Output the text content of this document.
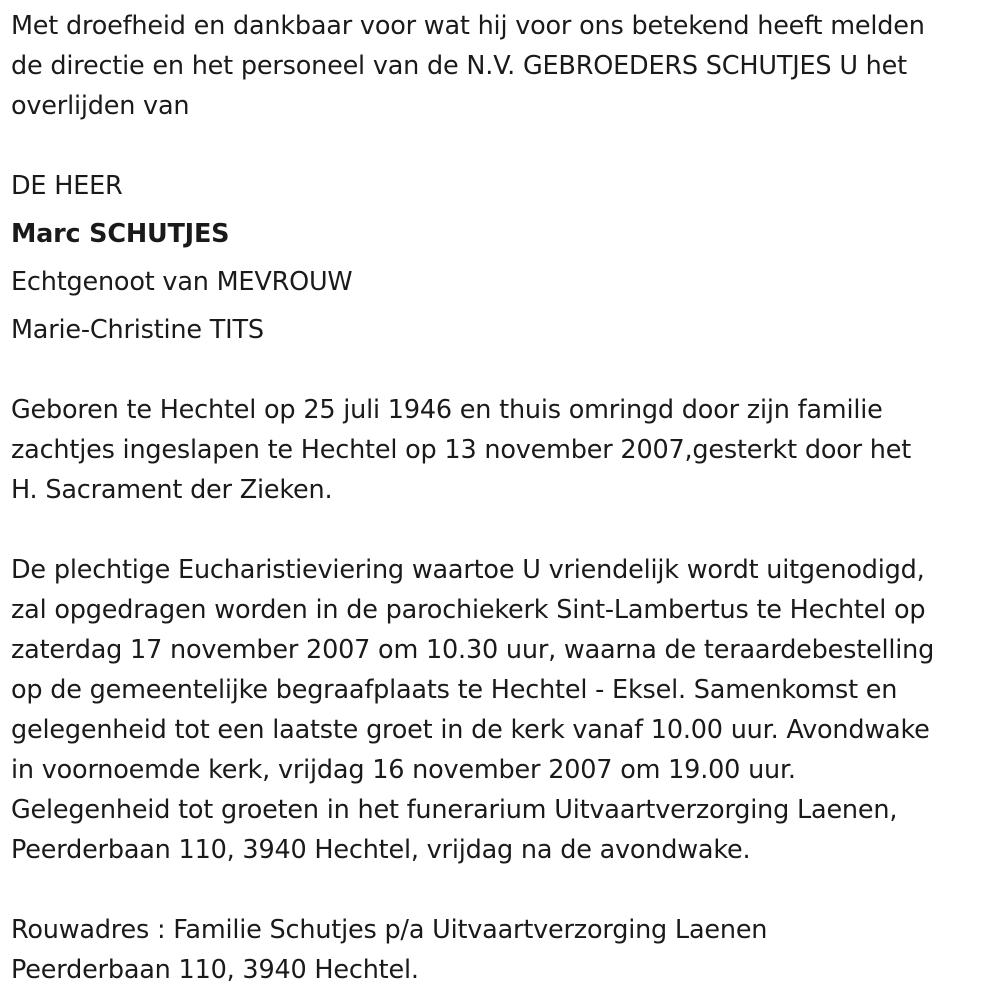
Met droefheid en dankbaar voor wat hij voor ons betekend heeft melden
de directie en het personeel van de N.V. GEBROEDERS SCHUTJES U het
overlijden van
DE HEER
Marc SCHUTJES
Echtgenoot van MEVROUW
Marie-Christine TITS
Geboren te Hechtel op 25 juli 1946 en thuis omringd door zijn familie
zachtjes ingeslapen te Hechtel op 13 november 2007,gesterkt door het
H. Sacrament der Zieken.
De plechtige Eucharistieviering waartoe U vriendelijk wordt uitgenodigd,
zal opgedragen worden in de parochiekerk Sint-Lambertus te Hechtel op
zaterdag 17 november 2007 om 10.30 uur, waarna de teraardebestelling
op de gemeentelijke begraafplaats te Hechtel - Eksel. Samenkomst en
gelegenheid tot een laatste groet in de kerk vanaf 10.00 uur. Avondwake
in voornoemde kerk, vrijdag 16 november 2007 om 19.00 uur.
Gelegenheid tot groeten in het funerarium Uitvaartverzorging Laenen,
Peerderbaan 110, 3940 Hechtel, vrijdag na de avondwake.
Rouwadres : Familie Schutjes p/a Uitvaartverzorging Laenen
Peerderbaan 110, 3940 Hechtel.
